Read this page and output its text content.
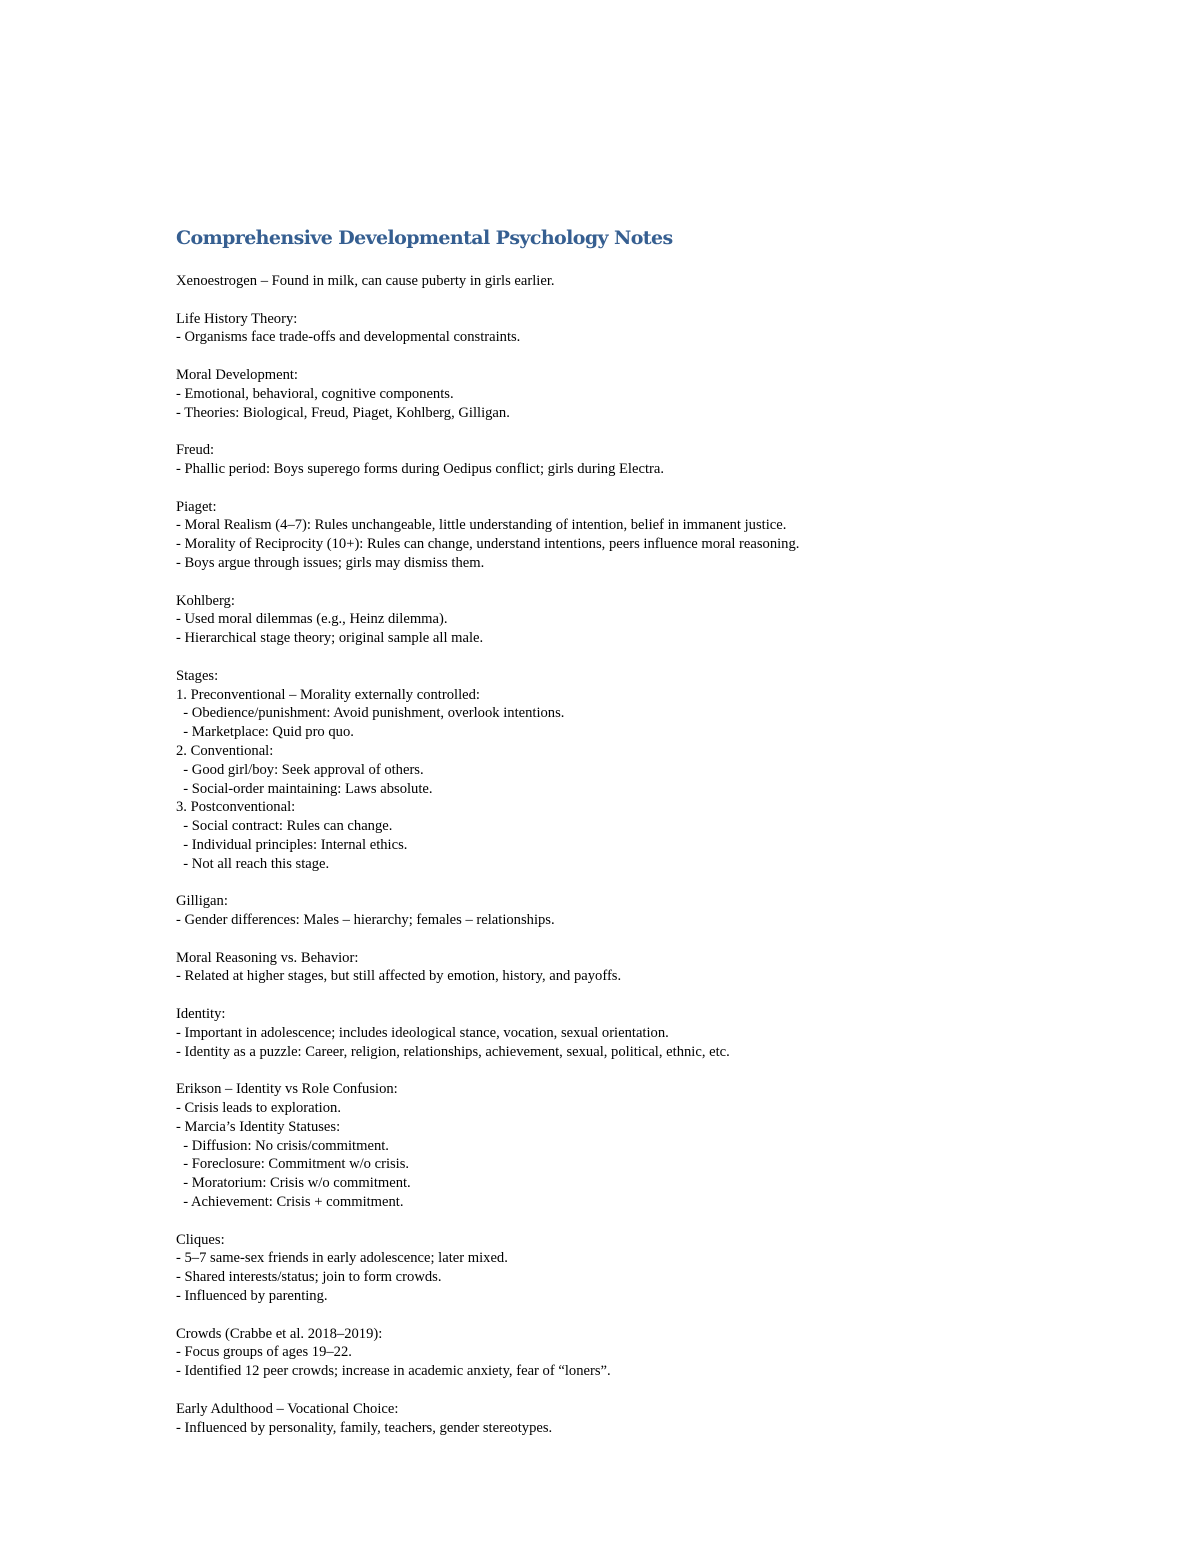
Comprehensive Developmental Psychology Notes
Xenoestrogen – Found in milk, can cause puberty in girls earlier.
Life History Theory:
- Organisms face trade-offs and developmental constraints.
Moral Development:
- Emotional, behavioral, cognitive components.
- Theories: Biological, Freud, Piaget, Kohlberg, Gilligan.
Freud:
- Phallic period: Boys superego forms during Oedipus conflict; girls during Electra.
Piaget:
- Moral Realism (4–7): Rules unchangeable, little understanding of intention, belief in immanent justice.
- Morality of Reciprocity (10+): Rules can change, understand intentions, peers influence moral reasoning.
- Boys argue through issues; girls may dismiss them.
Kohlberg:
- Used moral dilemmas (e.g., Heinz dilemma).
- Hierarchical stage theory; original sample all male.
Stages:
1. Preconventional – Morality externally controlled:
- Obedience/punishment: Avoid punishment, overlook intentions.
- Marketplace: Quid pro quo.
2. Conventional:
- Good girl/boy: Seek approval of others.
- Social-order maintaining: Laws absolute.
3. Postconventional:
- Social contract: Rules can change.
- Individual principles: Internal ethics.
- Not all reach this stage.
Gilligan:
- Gender differences: Males – hierarchy; females – relationships.
Moral Reasoning vs. Behavior:
- Related at higher stages, but still affected by emotion, history, and payoffs.
Identity:
- Important in adolescence; includes ideological stance, vocation, sexual orientation.
- Identity as a puzzle: Career, religion, relationships, achievement, sexual, political, ethnic, etc.
Erikson – Identity vs Role Confusion:
- Crisis leads to exploration.
- Marcia’s Identity Statuses:
- Diffusion: No crisis/commitment.
- Foreclosure: Commitment w/o crisis.
- Moratorium: Crisis w/o commitment.
- Achievement: Crisis + commitment.
Cliques:
- 5–7 same-sex friends in early adolescence; later mixed.
- Shared interests/status; join to form crowds.
- Influenced by parenting.
Crowds (Crabbe et al. 2018–2019):
- Focus groups of ages 19–22.
- Identified 12 peer crowds; increase in academic anxiety, fear of “loners”.
Early Adulthood – Vocational Choice:
- Influenced by personality, family, teachers, gender stereotypes.
